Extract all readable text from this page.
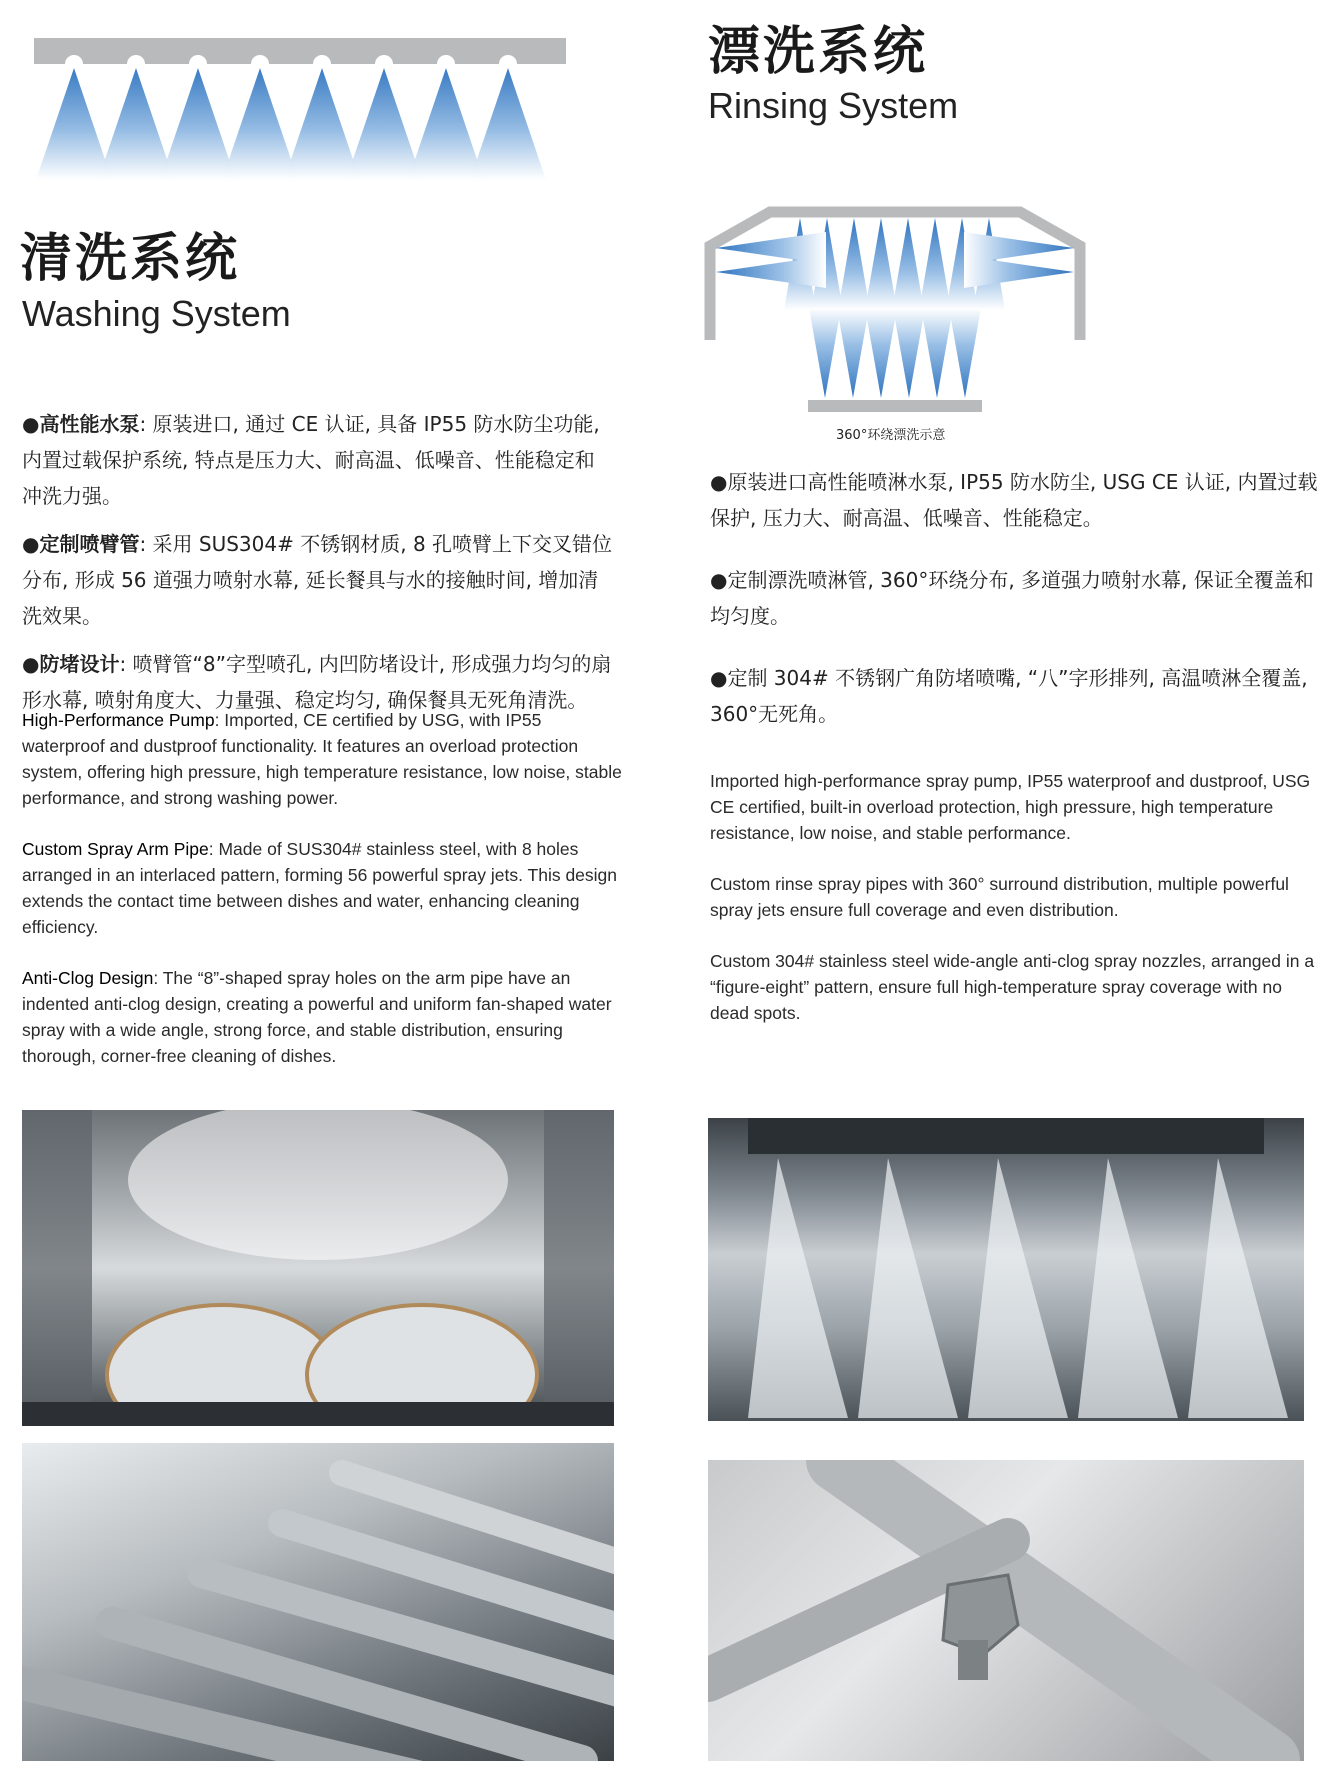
清洗系统
Washing System

●高性能水泵: 原装进口, 通过 CE 认证, 具备 IP55 防水防尘功能, 内置过载保护系统, 特点是压力大、耐高温、低噪音、性能稳定和冲洗力强。

●定制喷臂管: 采用 SUS304# 不锈钢材质, 8 孔喷臂上下交叉错位分布, 形成 56 道强力喷射水幕, 延长餐具与水的接触时间, 增加清洗效果。

●防堵设计: 喷臂管“8”字型喷孔, 内凹防堵设计, 形成强力均匀的扇形水幕, 喷射角度大、力量强、稳定均匀, 确保餐具无死角清洗。

High-Performance Pump: Imported, CE certified by USG, with IP55 waterproof and dustproof functionality. It features an overload protection system, offering high pressure, high temperature resistance, low noise, stable performance, and strong washing power.

Custom Spray Arm Pipe: Made of SUS304# stainless steel, with 8 holes arranged in an interlaced pattern, forming 56 powerful spray jets. This design extends the contact time between dishes and water, enhancing cleaning efficiency.

Anti-Clog Design: The “8”-shaped spray holes on the arm pipe have an indented anti-clog design, creating a powerful and uniform fan-shaped water spray with a wide angle, strong force, and stable distribution, ensuring thorough, corner-free cleaning of dishes.

漂洗系统
Rinsing System
360°环绕漂洗示意

●原装进口高性能喷淋水泵, IP55 防水防尘, USG CE 认证, 内置过载保护, 压力大、耐高温、低噪音、性能稳定。

●定制漂洗喷淋管, 360°环绕分布, 多道强力喷射水幕, 保证全覆盖和均匀度。

●定制 304# 不锈钢广角防堵喷嘴, “八”字形排列, 高温喷淋全覆盖, 360°无死角。

Imported high-performance spray pump, IP55 waterproof and dustproof, USG CE certified, built-in overload protection, high pressure, high temperature resistance, low noise, and stable performance.

Custom rinse spray pipes with 360° surround distribution, multiple powerful spray jets ensure full coverage and even distribution.

Custom 304# stainless steel wide-angle anti-clog spray nozzles, arranged in a “figure-eight” pattern, ensure full high-temperature spray coverage with no dead spots.
